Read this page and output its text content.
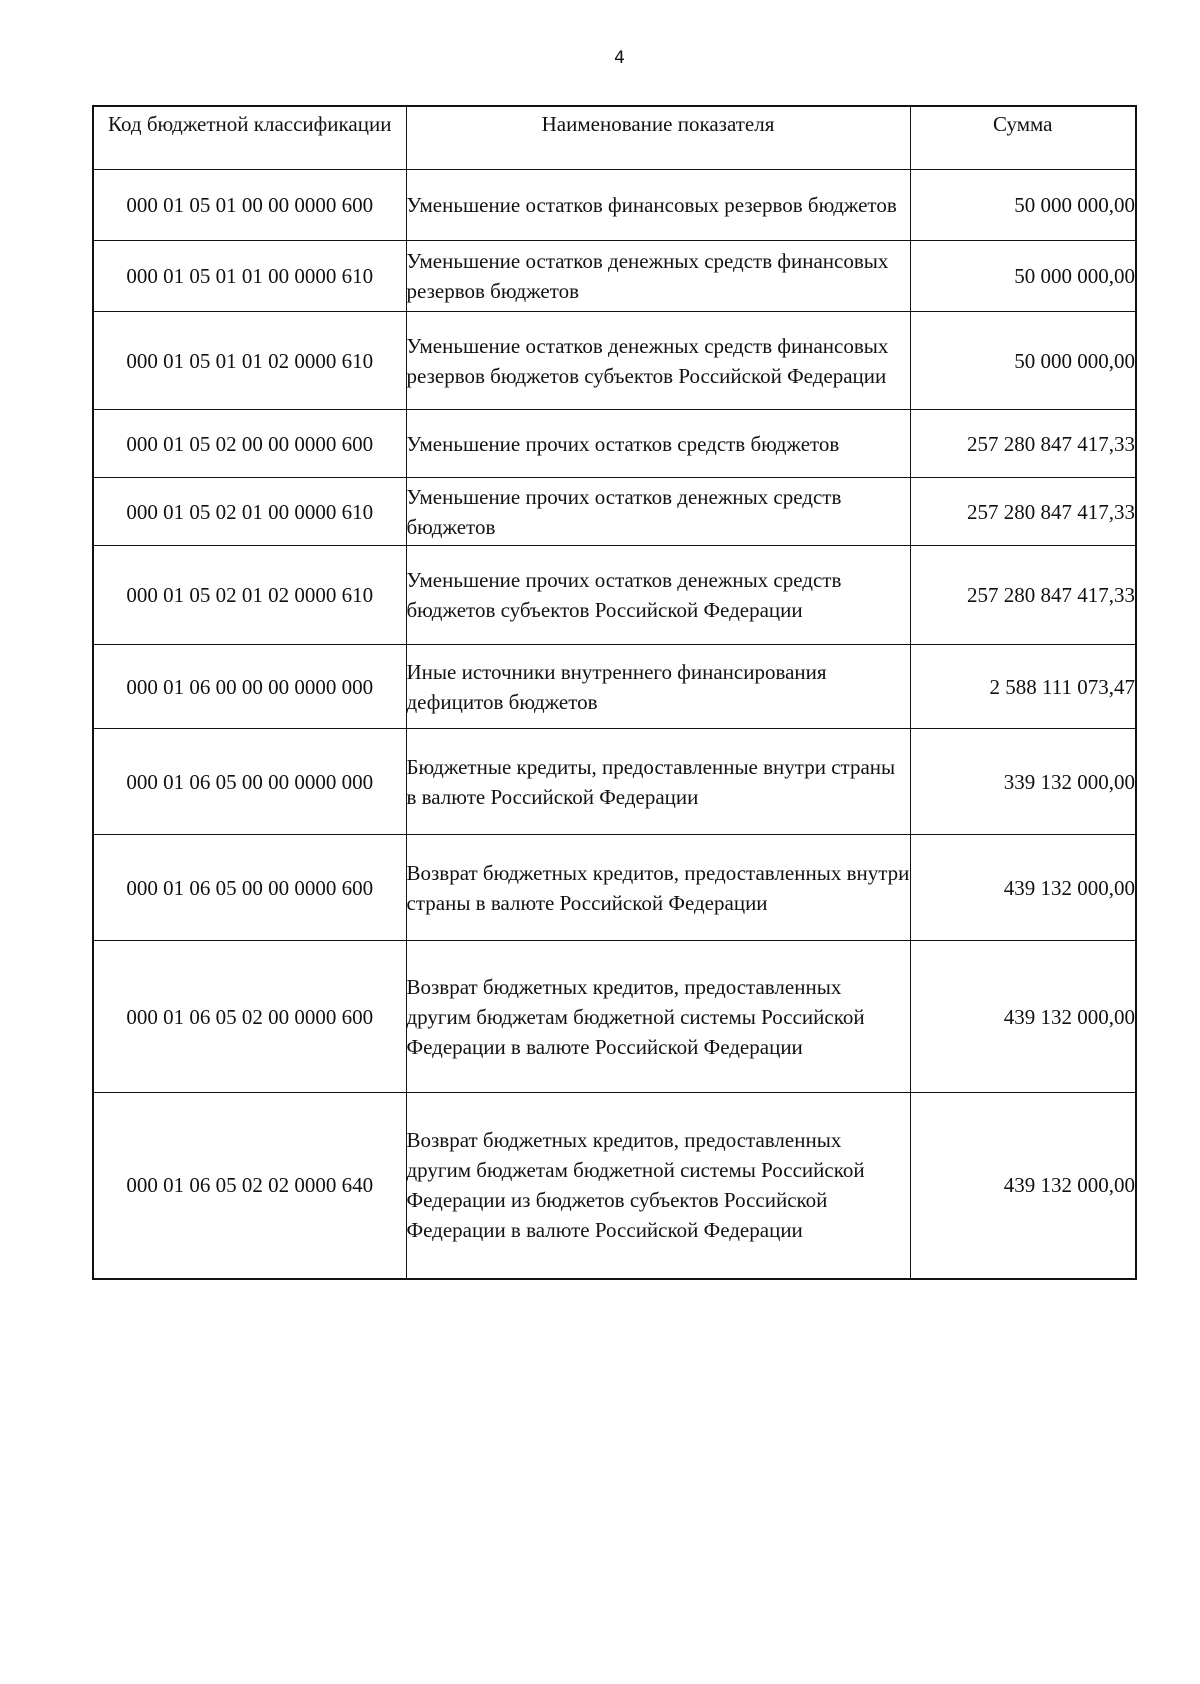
4
Код бюджетной классификации	Наименование показателя	Сумма
000 01 05 01 00 00 0000 600	Уменьшение остатков финансовых резервов бюджетов	50 000 000,00
000 01 05 01 01 00 0000 610	Уменьшение остатков денежных средств финансовых резервов бюджетов	50 000 000,00
000 01 05 01 01 02 0000 610	Уменьшение остатков денежных средств финансовых резервов бюджетов субъектов Российской Федерации	50 000 000,00
000 01 05 02 00 00 0000 600	Уменьшение прочих остатков средств бюджетов	257 280 847 417,33
000 01 05 02 01 00 0000 610	Уменьшение прочих остатков денежных средств бюджетов	257 280 847 417,33
000 01 05 02 01 02 0000 610	Уменьшение прочих остатков денежных средств бюджетов субъектов Российской Федерации	257 280 847 417,33
000 01 06 00 00 00 0000 000	Иные источники внутреннего финансирования дефицитов бюджетов	2 588 111 073,47
000 01 06 05 00 00 0000 000	Бюджетные кредиты, предоставленные внутри страны в валюте Российской Федерации	339 132 000,00
000 01 06 05 00 00 0000 600	Возврат бюджетных кредитов, предоставленных внутри страны в валюте Российской Федерации	439 132 000,00
000 01 06 05 02 00 0000 600	Возврат бюджетных кредитов, предоставленных другим бюджетам бюджетной системы Российской Федерации в валюте Российской Федерации	439 132 000,00
000 01 06 05 02 02 0000 640	Возврат бюджетных кредитов, предоставленных другим бюджетам бюджетной системы Российской Федерации из бюджетов субъектов Российской Федерации в валюте Российской Федерации	439 132 000,00
